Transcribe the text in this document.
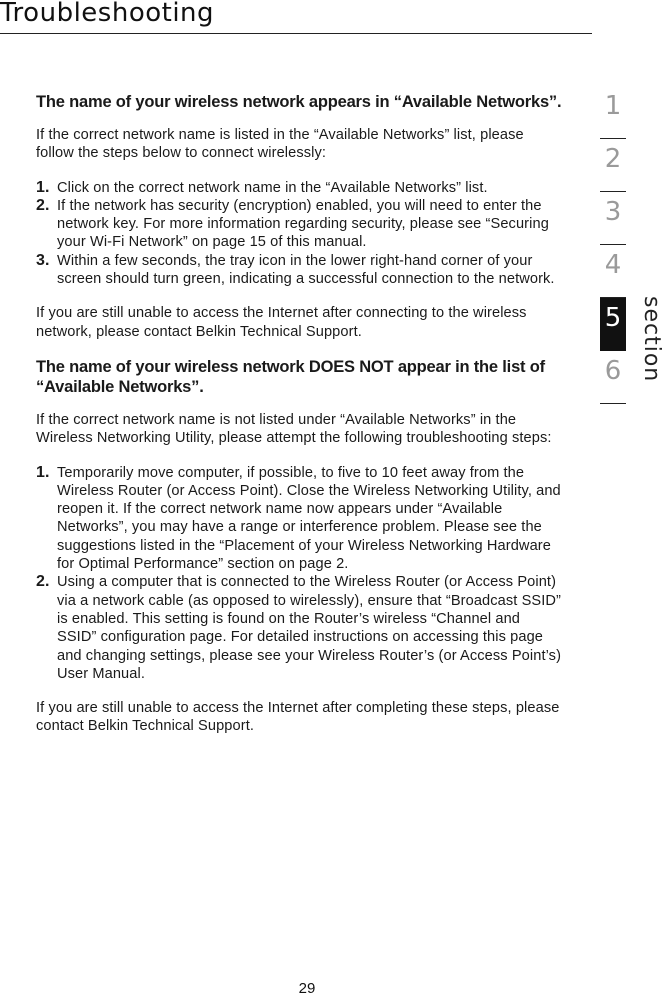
Troubleshooting
The name of your wireless network appears in “Available Networks”.

If the correct network name is listed in the “Available Networks” list, please follow the steps below to connect wirelessly:

1. Click on the correct network name in the “Available Networks” list.
2. If the network has security (encryption) enabled, you will need to enter the network key. For more information regarding security, please see “Securing your Wi-Fi Network” on page 15 of this manual.
3. Within a few seconds, the tray icon in the lower right-hand corner of your screen should turn green, indicating a successful connection to the network.

If you are still unable to access the Internet after connecting to the wireless network, please contact Belkin Technical Support.

The name of your wireless network DOES NOT appear in the list of “Available Networks”.

If the correct network name is not listed under “Available Networks” in the Wireless Networking Utility, please attempt the following troubleshooting steps:

1. Temporarily move computer, if possible, to five to 10 feet away from the Wireless Router (or Access Point). Close the Wireless Networking Utility, and reopen it. If the correct network name now appears under “Available Networks”, you may have a range or interference problem. Please see the suggestions listed in the “Placement of your Wireless Networking Hardware for Optimal Performance” section on page 2.
2. Using a computer that is connected to the Wireless Router (or Access Point) via a network cable (as opposed to wirelessly), ensure that “Broadcast SSID” is enabled. This setting is found on the Router’s wireless “Channel and SSID” configuration page. For detailed instructions on accessing this page and changing settings, please see your Wireless Router’s (or Access Point’s) User Manual.

If you are still unable to access the Internet after completing these steps, please contact Belkin Technical Support.

1
2
3
4
5
6 section
29
